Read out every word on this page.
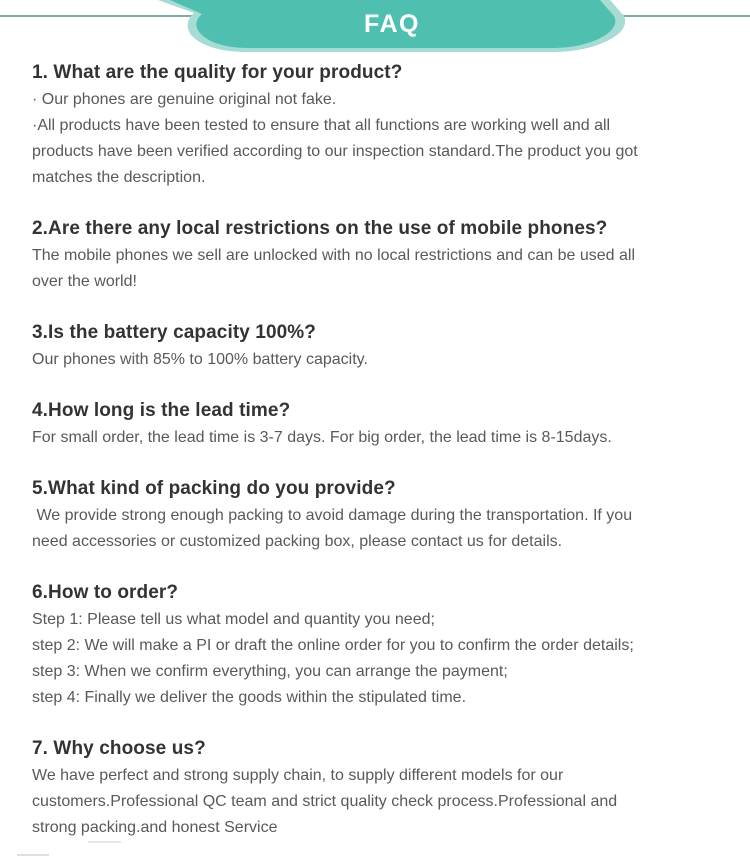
FAQ
1. What are the quality for your product?

· Our phones are genuine original not fake.

·All products have been tested to ensure that all functions are working well and all

products have been verified according to our inspection standard.The product you got

matches the description.

2.Are there any local restrictions on the use of mobile phones?

The mobile phones we sell are unlocked with no local restrictions and can be used all

over the world!

3.Is the battery capacity 100%?

Our phones with 85% to 100% battery capacity.

4.How long is the lead time?

For small order, the lead time is 3-7 days. For big order, the lead time is 8-15days.

5.What kind of packing do you provide?

We provide strong enough packing to avoid damage during the transportation. If you

need accessories or customized packing box, please contact us for details.

6.How to order?

Step 1: Please tell us what model and quantity you need;

step 2: We will make a PI or draft the online order for you to confirm the order details;

step 3: When we confirm everything, you can arrange the payment;

step 4: Finally we deliver the goods within the stipulated time.

7. Why choose us?

We have perfect and strong supply chain, to supply different models for our

customers.Professional QC team and strict quality check process.Professional and

strong packing.and honest Service
